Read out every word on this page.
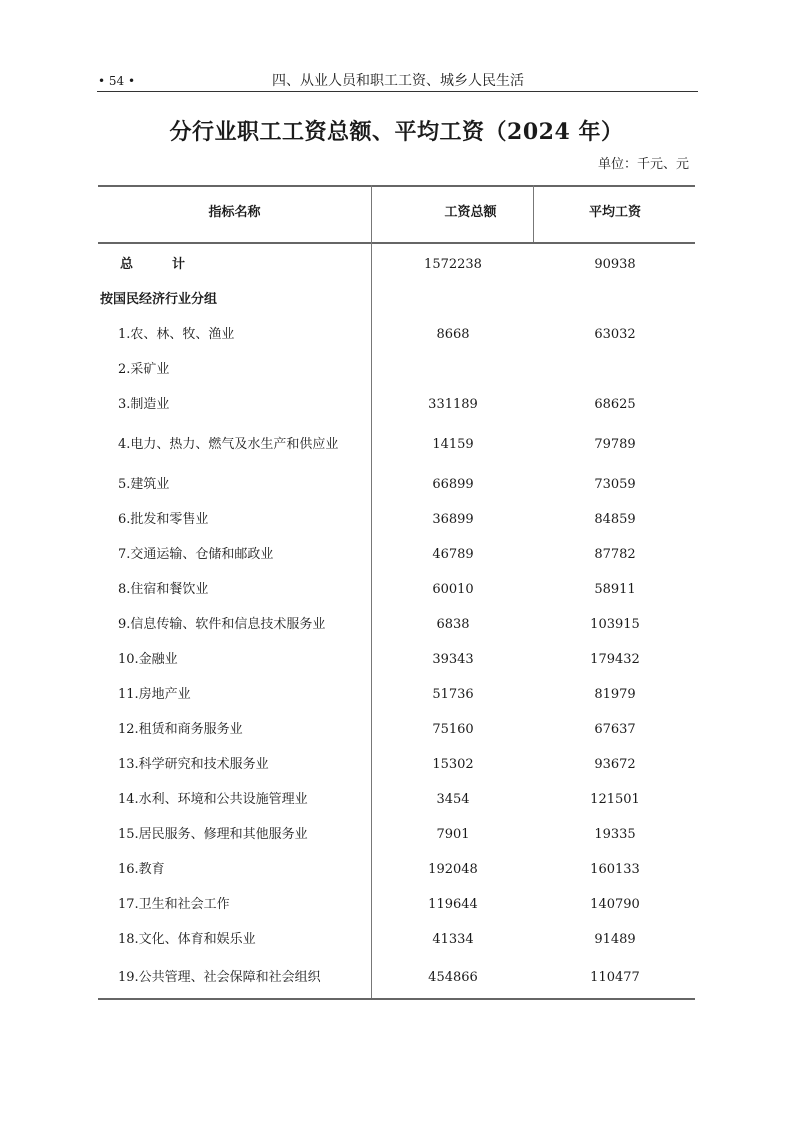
• 54 •	四、从业人员和职工工资、城乡人民生活
分行业职工工资总额、平均工资（2024 年）
单位：千元、元
指标名称	工资总额	平均工资
总　　　计	1572238	90938
按国民经济行业分组
1.农、林、牧、渔业	8668	63032
2.采矿业
3.制造业	331189	68625
4.电力、热力、燃气及水生产和供应业	14159	79789
5.建筑业	66899	73059
6.批发和零售业	36899	84859
7.交通运输、仓储和邮政业	46789	87782
8.住宿和餐饮业	60010	58911
9.信息传输、软件和信息技术服务业	6838	103915
10.金融业	39343	179432
11.房地产业	51736	81979
12.租赁和商务服务业	75160	67637
13.科学研究和技术服务业	15302	93672
14.水利、环境和公共设施管理业	3454	121501
15.居民服务、修理和其他服务业	7901	19335
16.教育	192048	160133
17.卫生和社会工作	119644	140790
18.文化、体育和娱乐业	41334	91489
19.公共管理、社会保障和社会组织	454866	110477
